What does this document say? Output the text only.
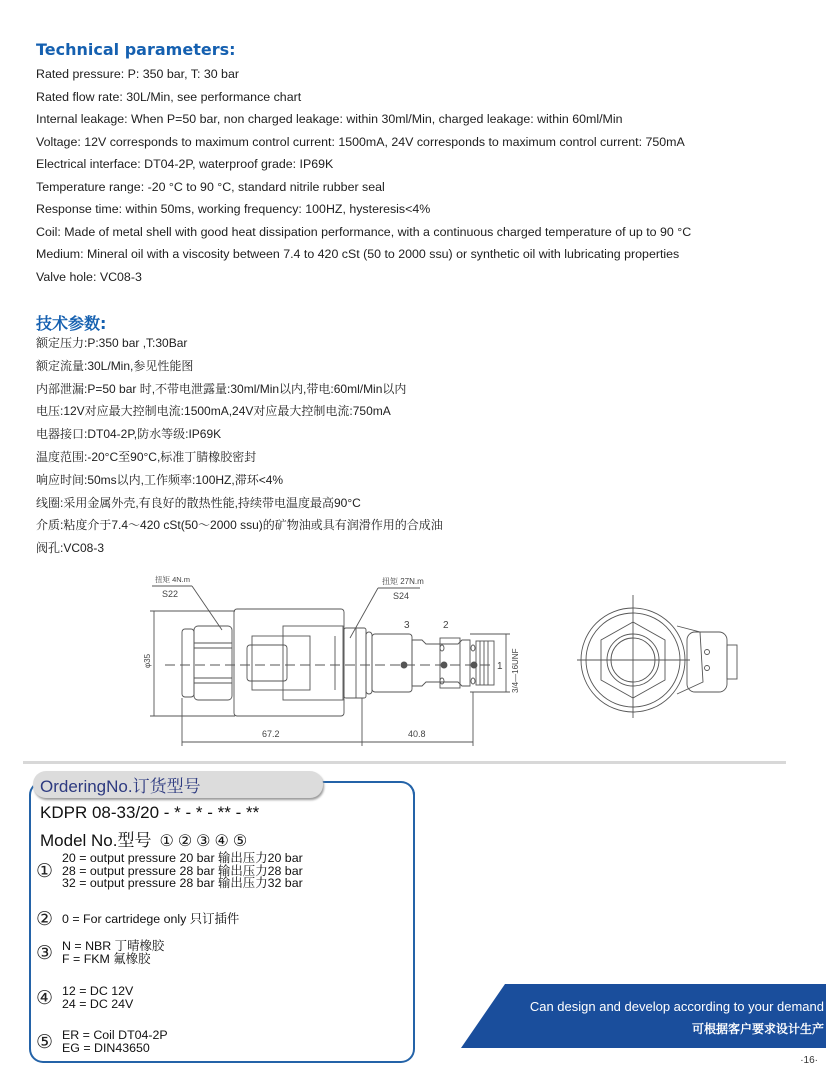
Technical parameters:
Rated pressure: P: 350 bar, T: 30 bar
Rated flow rate: 30L/Min, see performance chart
Internal leakage: When P=50 bar, non charged leakage: within 30ml/Min, charged leakage: within 60ml/Min
Voltage: 12V corresponds to maximum control current: 1500mA, 24V corresponds to maximum control current: 750mA
Electrical interface: DT04-2P, waterproof grade: IP69K
Temperature range: -20 °C to 90 °C, standard nitrile rubber seal
Response time: within 50ms, working frequency: 100HZ, hysteresis<4%
Coil: Made of metal shell with good heat dissipation performance, with a continuous charged temperature of up to 90 °C
Medium: Mineral oil with a viscosity between 7.4 to 420 cSt (50 to 2000 ssu) or synthetic oil with lubricating properties
Valve hole: VC08-3
技术参数:
额定压力:P:350 bar ,T:30Bar
额定流量:30L/Min,参见性能图
内部泄漏:P=50 bar 时,不带电泄露量:30ml/Min以内,带电:60ml/Min以内
电压:12V对应最大控制电流:1500mA,24V对应最大控制电流:750mA
电器接口:DT04-2P,防水等级:IP69K
温度范围:-20°C至90°C,标准丁腈橡胶密封
响应时间:50ms以内,工作频率:100HZ,滞环<4%
线圈:采用金属外壳,有良好的散热性能,持续带电温度最高90°C
介质:粘度介于7.4～420 cSt(50～2000 ssu)的矿物油或具有润滑作用的合成油
阀孔:VC08-3
扭矩 4N.m
S22
扭矩 27N.m
S24
φ35
3	2
1 3/4—16UNF
67.2	40.8
OrderingNo.订货型号
KDPR 08-33/20 - * - * - ** - **
Model No.型号 ①②③④⑤
①
20 = output pressure 20 bar 输出压力20 bar
28 = output pressure 28 bar 输出压力28 bar
32 = output pressure 28 bar 输出压力32 bar
② 0 = For cartridege only 只订插件
③ N = NBR 丁晴橡胶
F = FKM 氟橡胶
④ 12 = DC 12V
24 = DC 24V
⑤ ER = Coil DT04-2P
EG = DIN43650
Can design and develop according to your demand
可根据客户要求设计生产
·16·
